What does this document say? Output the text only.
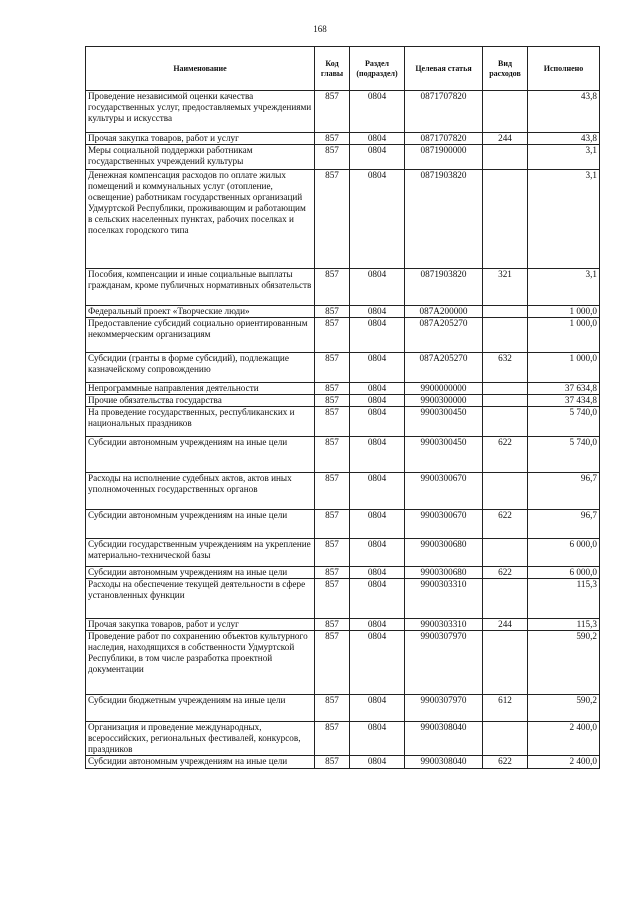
168
Наименование	Код главы	Раздел (подраздел)	Целевая статья	Вид расходов	Исполнено
Проведение независимой оценки качества государственных услуг, предоставляемых учреждениями культуры и искусства	857	0804	0871707820		43,8
Прочая закупка товаров, работ и услуг	857	0804	0871707820	244	43,8
Меры социальной поддержки работникам государственных учреждений культуры	857	0804	0871900000		3,1
Денежная компенсация расходов по оплате жилых помещений и коммунальных услуг (отопление, освещение) работникам государственных организаций Удмуртской Республики, проживающим и работающим в сельских населенных пунктах, рабочих поселках и поселках городского типа	857	0804	0871903820		3,1
Пособия, компенсации и иные социальные выплаты гражданам, кроме публичных нормативных обязательств	857	0804	0871903820	321	3,1
Федеральный проект «Творческие люди»	857	0804	087А200000		1 000,0
Предоставление субсидий социально ориентированным некоммерческим организациям	857	0804	087А205270		1 000,0
Субсидии (гранты в форме субсидий), подлежащие казначейскому сопровождению	857	0804	087А205270	632	1 000,0
Непрограммные направления деятельности	857	0804	9900000000		37 634,8
Прочие обязательства государства	857	0804	9900300000		37 434,8
На проведение государственных, республиканских и национальных праздников	857	0804	9900300450		5 740,0
Субсидии автономным учреждениям на иные цели	857	0804	9900300450	622	5 740,0
Расходы на исполнение судебных актов, актов иных уполномоченных государственных органов	857	0804	9900300670		96,7
Субсидии автономным учреждениям на иные цели	857	0804	9900300670	622	96,7
Субсидии государственным учреждениям на укрепление материально-технической базы	857	0804	9900300680		6 000,0
Субсидии автономным учреждениям на иные цели	857	0804	9900300680	622	6 000,0
Расходы на обеспечение текущей деятельности в сфере установленных функции	857	0804	9900303310		115,3
Прочая закупка товаров, работ и услуг	857	0804	9900303310	244	115,3
Проведение работ по сохранению объектов культурного наследия, находящихся в собственности Удмуртской Республики, в том числе разработка проектной документации	857	0804	9900307970		590,2
Субсидии бюджетным учреждениям на иные цели	857	0804	9900307970	612	590,2
Организация и проведение международных, всероссийских, региональных фестивалей, конкурсов, праздников	857	0804	9900308040		2 400,0
Субсидии автономным учреждениям на иные цели	857	0804	9900308040	622	2 400,0
